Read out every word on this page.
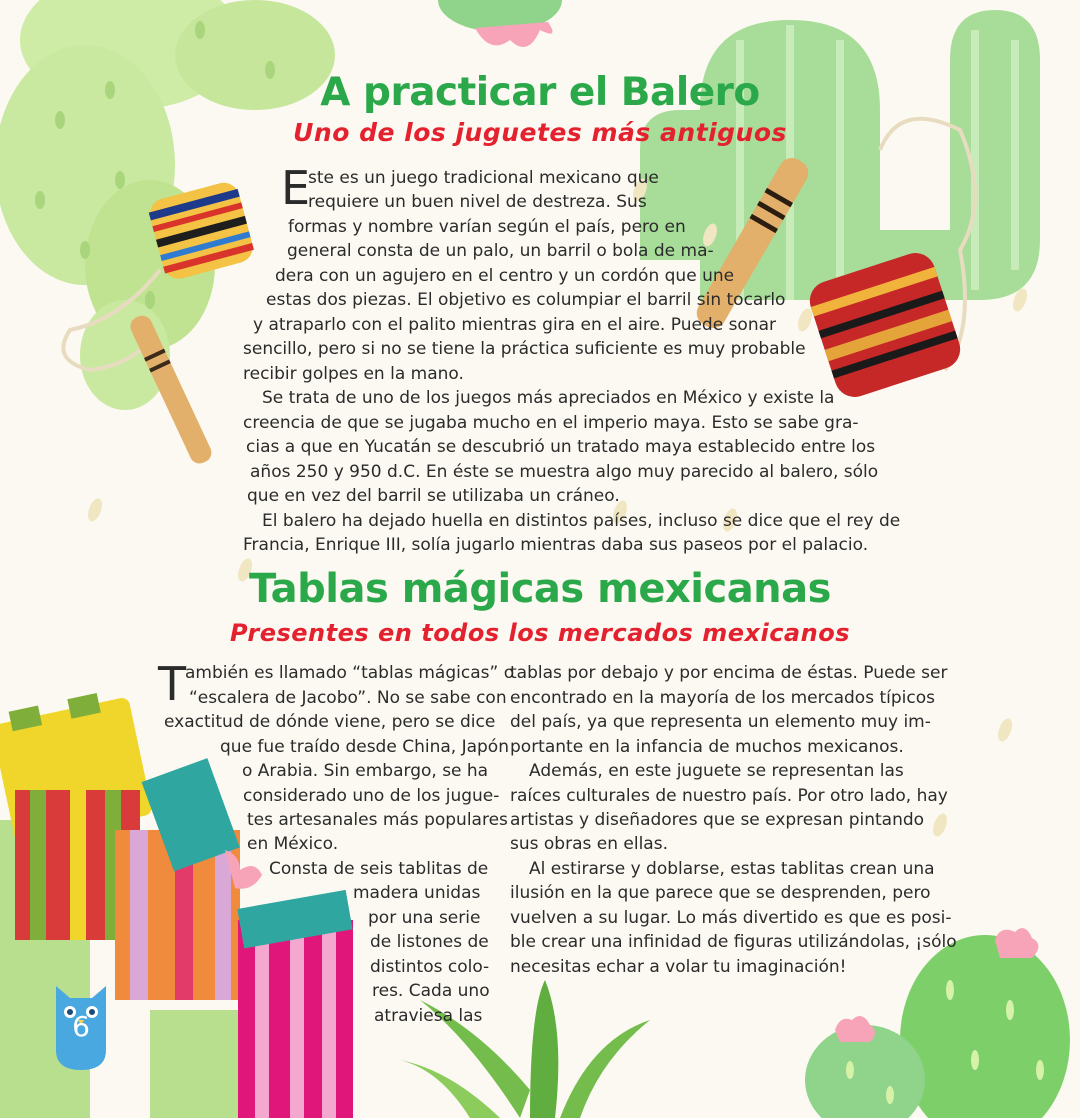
6
A practicar el Balero
Uno de los juguetes más antiguos
E
Tablas mágicas mexicanas
Presentes en todos los mercados mexicanos
T
ste es un juego tradicional mexicano que
requiere un buen nivel de destreza. Sus
formas y nombre varían según el país, pero en
general consta de un palo, un barril o bola de ma-
dera con un agujero en el centro y un cordón que une
estas dos piezas. El objetivo es columpiar el barril sin tocarlo
y atraparlo con el palito mientras gira en el aire. Puede sonar
sencillo, pero si no se tiene la práctica suficiente es muy probable
recibir golpes en la mano.
Se trata de uno de los juegos más apreciados en México y existe la
creencia de que se jugaba mucho en el imperio maya. Esto se sabe gra-
cias a que en Yucatán se descubrió un tratado maya establecido entre los
años 250 y 950 d.C. En éste se muestra algo muy parecido al balero, sólo
que en vez del barril se utilizaba un cráneo.
El balero ha dejado huella en distintos países, incluso se dice que el rey de
Francia, Enrique III, solía jugarlo mientras daba sus paseos por el palacio.
ambién es llamado “tablas mágicas” o
“escalera de Jacobo”. No se sabe con
exactitud de dónde viene, pero se dice
que fue traído desde China, Japón
o Arabia. Sin embargo, se ha
considerado uno de los jugue-
tes artesanales más populares
en México.
Consta de seis tablitas de
madera unidas
por una serie
de listones de
distintos colo-
res. Cada uno
atraviesa las
tablas por debajo y por encima de éstas. Puede ser
encontrado en la mayoría de los mercados típicos
del país, ya que representa un elemento muy im-
portante en la infancia de muchos mexicanos.
Además, en este juguete se representan las
raíces culturales de nuestro país. Por otro lado, hay
artistas y diseñadores que se expresan pintando
sus obras en ellas.
Al estirarse y doblarse, estas tablitas crean una
ilusión en la que parece que se desprenden, pero
vuelven a su lugar. Lo más divertido es que es posi-
ble crear una infinidad de figuras utilizándolas, ¡sólo
necesitas echar a volar tu imaginación!
